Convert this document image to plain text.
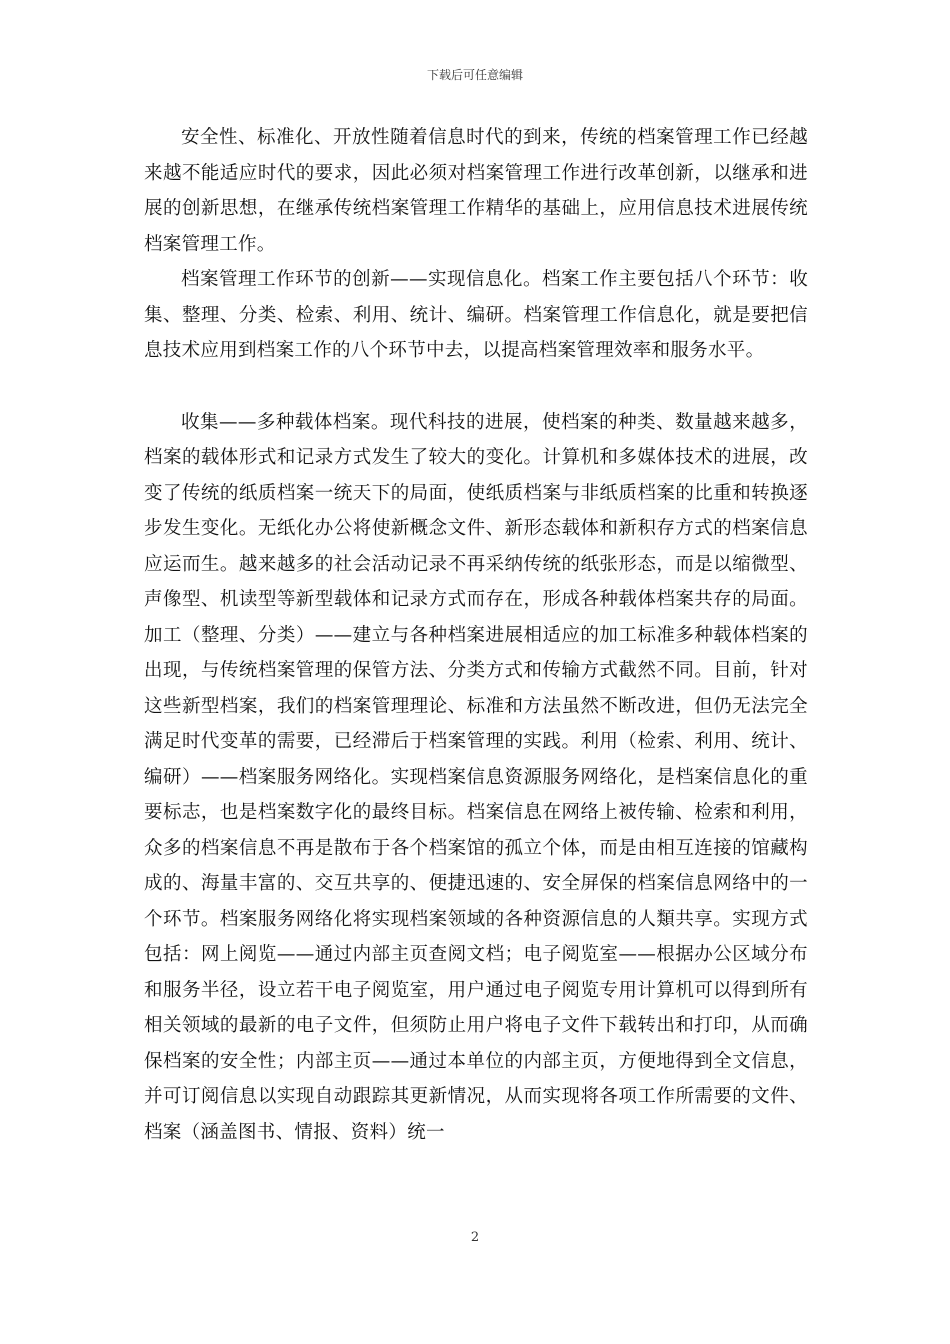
下载后可任意编辑

安全性、标准化、开放性随着信息时代的到来，传统的档案管理工作已经越来越不能适应时代的要求，因此必须对档案管理工作进行改革创新，以继承和进展的创新思想，在继承传统档案管理工作精华的基础上，应用信息技术进展传统档案管理工作。

档案管理工作环节的创新——实现信息化。档案工作主要包括八个环节：收集、整理、分类、检索、利用、统计、编研。档案管理工作信息化，就是要把信息技术应用到档案工作的八个环节中去，以提高档案管理效率和服务水平。

收集——多种载体档案。现代科技的进展，使档案的种类、数量越来越多，档案的载体形式和记录方式发生了较大的变化。计算机和多媒体技术的进展，改变了传统的纸质档案一统天下的局面，使纸质档案与非纸质档案的比重和转换逐步发生变化。无纸化办公将使新概念文件、新形态载体和新积存方式的档案信息应运而生。越来越多的社会活动记录不再采纳传统的纸张形态，而是以缩微型、声像型、机读型等新型载体和记录方式而存在，形成各种载体档案共存的局面。加工（整理、分类）——建立与各种档案进展相适应的加工标准多种载体档案的出现，与传统档案管理的保管方法、分类方式和传输方式截然不同。目前，针对这些新型档案，我们的档案管理理论、标准和方法虽然不断改进，但仍无法完全满足时代变革的需要，已经滞后于档案管理的实践。利用（检索、利用、统计、编研）——档案服务网络化。实现档案信息资源服务网络化，是档案信息化的重要标志，也是档案数字化的最终目标。档案信息在网络上被传输、检索和利用，众多的档案信息不再是散布于各个档案馆的孤立个体，而是由相互连接的馆藏构成的、海量丰富的、交互共享的、便捷迅速的、安全屏保的档案信息网络中的一个环节。档案服务网络化将实现档案领域的各种资源信息的人類共享。实现方式包括：网上阅览——通过内部主页查阅文档；电子阅览室——根据办公区域分布和服务半径，设立若干电子阅览室，用户通过电子阅览专用计算机可以得到所有相关领域的最新的电子文件，但须防止用户将电子文件下载转出和打印，从而确保档案的安全性；内部主页——通过本单位的内部主页，方便地得到全文信息，并可订阅信息以实现自动跟踪其更新情况，从而实现将各项工作所需要的文件、档案（涵盖图书、情报、资料）统一

2
